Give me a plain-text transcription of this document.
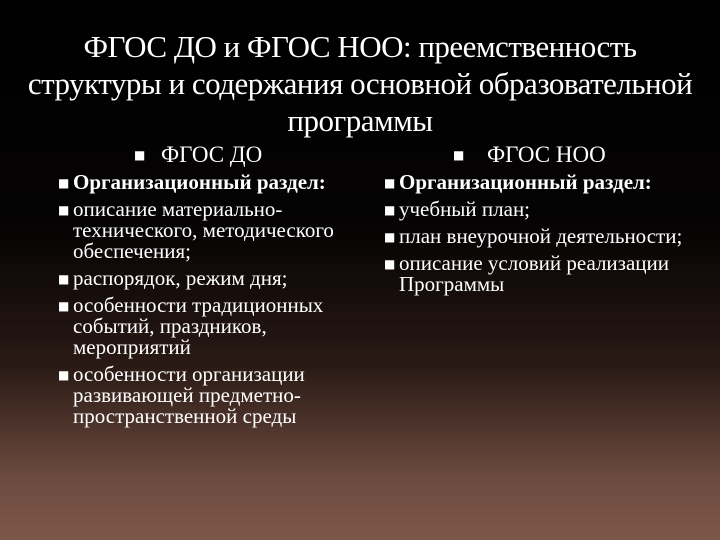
ФГОС ДО и ФГОС НОО: преемственность структуры и содержания основной образовательной программы
■ ФГОС ДО
■ Организационный раздел:
■ описание материально-технического, методического обеспечения;
■ распорядок, режим дня;
■ особенности традиционных событий, праздников, мероприятий
■ особенности организации развивающей предметно-пространственной среды
■ ФГОС НОО
■ Организационный раздел:
■ учебный план;
■ план внеурочной деятельности;
■ описание условий реализации Программы
